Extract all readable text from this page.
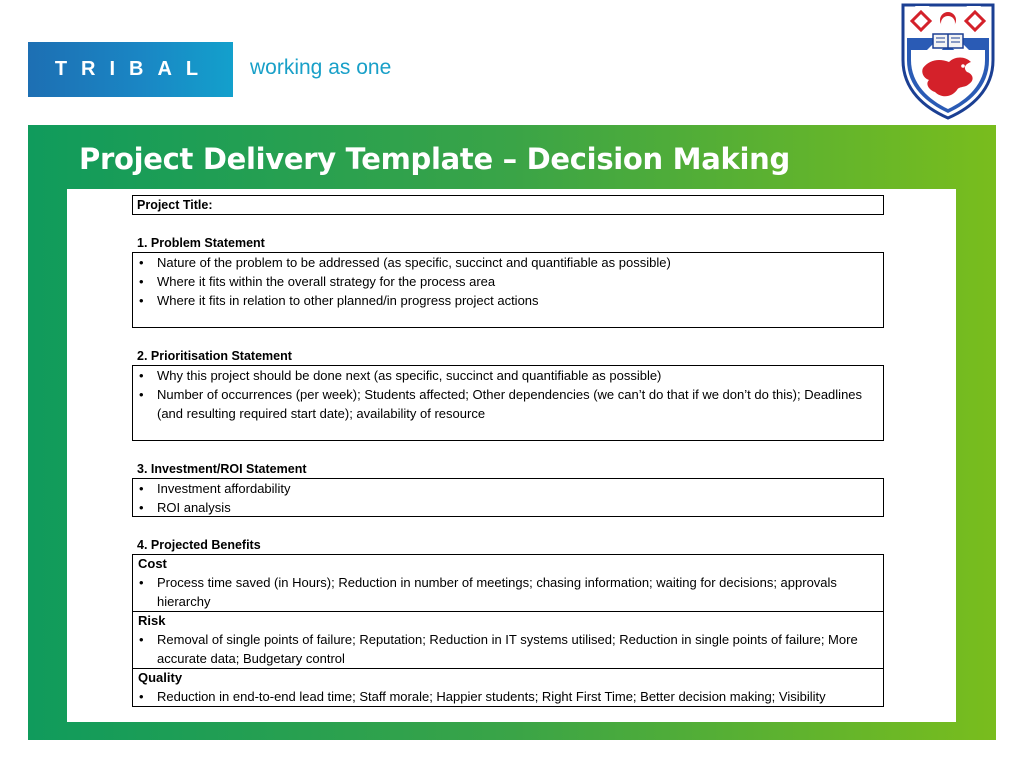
TRIBAL	working as one
Project Delivery Template – Decision Making
Project Title:
1. Problem Statement
• Nature of the problem to be addressed (as specific, succinct and quantifiable as possible)
• Where it fits within the overall strategy for the process area
• Where it fits in relation to other planned/in progress project actions
2. Prioritisation Statement
• Why this project should be done next (as specific, succinct and quantifiable as possible)
• Number of occurrences (per week); Students affected; Other dependencies (we can’t do that if we don’t do this); Deadlines (and resulting required start date); availability of resource
3. Investment/ROI Statement
• Investment affordability
• ROI analysis
4. Projected Benefits
Cost
• Process time saved (in Hours); Reduction in number of meetings; chasing information; waiting for decisions; approvals hierarchy
Risk
• Removal of single points of failure; Reputation; Reduction in IT systems utilised; Reduction in single points of failure; More accurate data; Budgetary control
Quality
• Reduction in end-to-end lead time; Staff morale; Happier students; Right First Time; Better decision making; Visibility
